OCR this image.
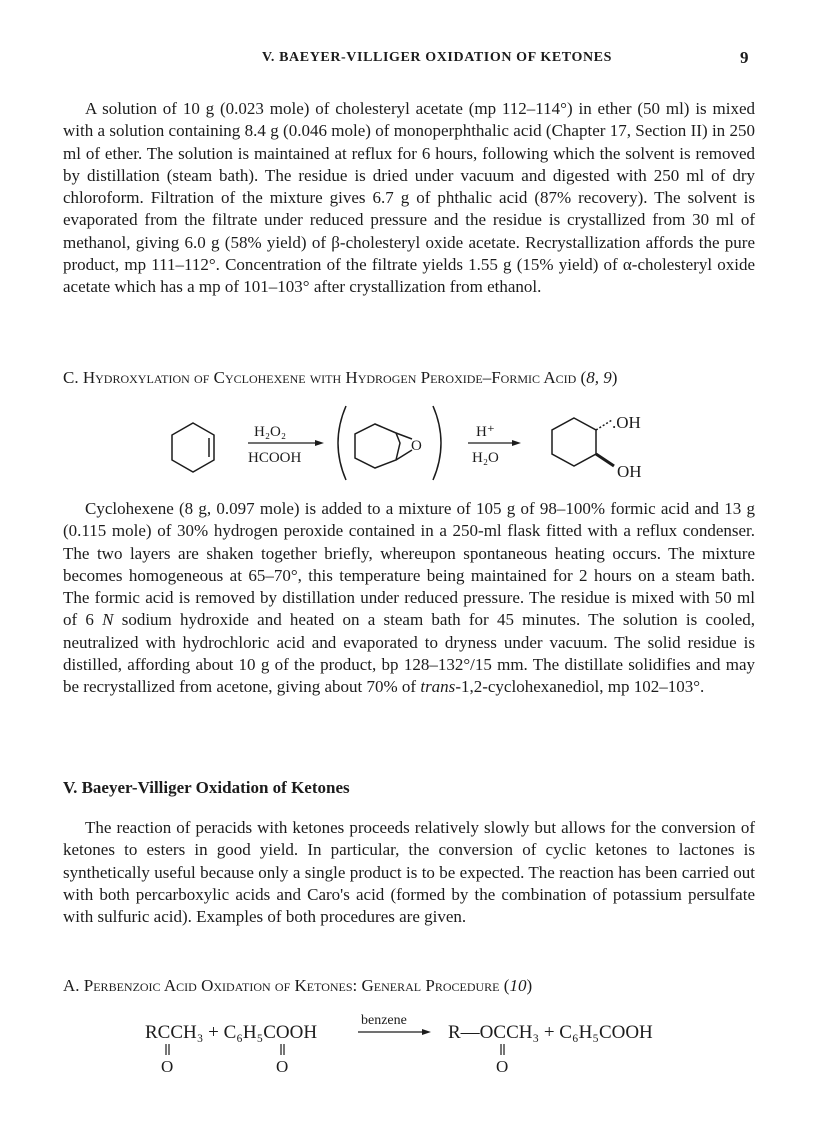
V. BAEYER-VILLIGER OXIDATION OF KETONES	9
A solution of 10 g (0.023 mole) of cholesteryl acetate (mp 112–114°) in ether (50 ml) is mixed with a solution containing 8.4 g (0.046 mole) of monoperphthalic acid (Chapter 17, Section II) in 250 ml of ether. The solution is maintained at reflux for 6 hours, following which the solvent is removed by distillation (steam bath). The residue is dried under vacuum and digested with 250 ml of dry chloroform. Filtration of the mixture gives 6.7 g of phthalic acid (87% recovery). The solvent is evaporated from the filtrate under reduced pressure and the residue is crystallized from 30 ml of methanol, giving 6.0 g (58% yield) of β-cholesteryl oxide acetate. Recrystallization affords the pure product, mp 111–112°. Concentration of the filtrate yields 1.55 g (15% yield) of α-cholesteryl oxide acetate which has a mp of 101–103° after crystallization from ethanol.
C. Hydroxylation of Cyclohexene with Hydrogen Peroxide–Formic Acid (8, 9)
H₂O₂
HCOOH
O
H⁺
H₂O
.OH
OH
Cyclohexene (8 g, 0.097 mole) is added to a mixture of 105 g of 98–100% formic acid and 13 g (0.115 mole) of 30% hydrogen peroxide contained in a 250-ml flask fitted with a reflux condenser. The two layers are shaken together briefly, whereupon spontaneous heating occurs. The mixture becomes homogeneous at 65–70°, this temperature being maintained for 2 hours on a steam bath. The formic acid is removed by distillation under reduced pressure. The residue is mixed with 50 ml of 6 N sodium hydroxide and heated on a steam bath for 45 minutes. The solution is cooled, neutralized with hydrochloric acid and evaporated to dryness under vacuum. The solid residue is distilled, affording about 10 g of the product, bp 128–132°/15 mm. The distillate solidifies and may be recrystallized from acetone, giving about 70% of trans-1,2-cyclohexanediol, mp 102–103°.
V. Baeyer-Villiger Oxidation of Ketones
The reaction of peracids with ketones proceeds relatively slowly but allows for the conversion of ketones to esters in good yield. In particular, the conversion of cyclic ketones to lactones is synthetically useful because only a single product is to be expected. The reaction has been carried out with both percarboxylic acids and Caro's acid (formed by the combination of potassium persulfate with sulfuric acid). Examples of both procedures are given.
A. Perbenzoic Acid Oxidation of Ketones: General Procedure (10)
RCCH₃ + C₆H₅COOH
O	O
benzene
R—OCCH₃ + C₆H₅COOH
O
